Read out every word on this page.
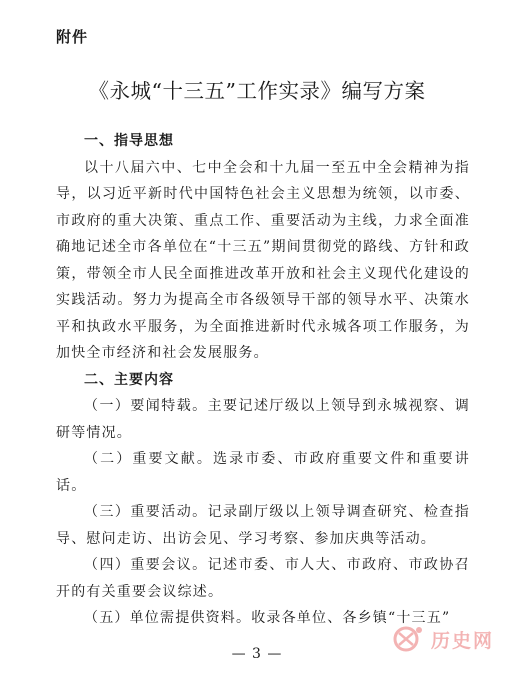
附件
《永城“十三五”工作实录》编写方案

一、指导思想

以十八届六中、七中全会和十九届一至五中全会精神为指导，以习近平新时代中国特色社会主义思想为统领，以市委、市政府的重大决策、重点工作、重要活动为主线，力求全面准确地记述全市各单位在“十三五”期间贯彻党的路线、方针和政策，带领全市人民全面推进改革开放和社会主义现代化建设的实践活动。努力为提高全市各级领导干部的领导水平、决策水平和执政水平服务，为全面推进新时代永城各项工作服务，为加快全市经济和社会发展服务。

二、主要内容

（一）要闻特载。主要记述厅级以上领导到永城视察、调研等情况。

（二）重要文献。选录市委、市政府重要文件和重要讲话。

（三）重要活动。记录副厅级以上领导调查研究、检查指导、慰问走访、出访会见、学习考察、参加庆典等活动。

（四）重要会议。记述市委、市人大、市政府、市政协召开的有关重要会议综述。

（五）单位需提供资料。收录各单位、各乡镇“十三五”

— 3 —
历史网
